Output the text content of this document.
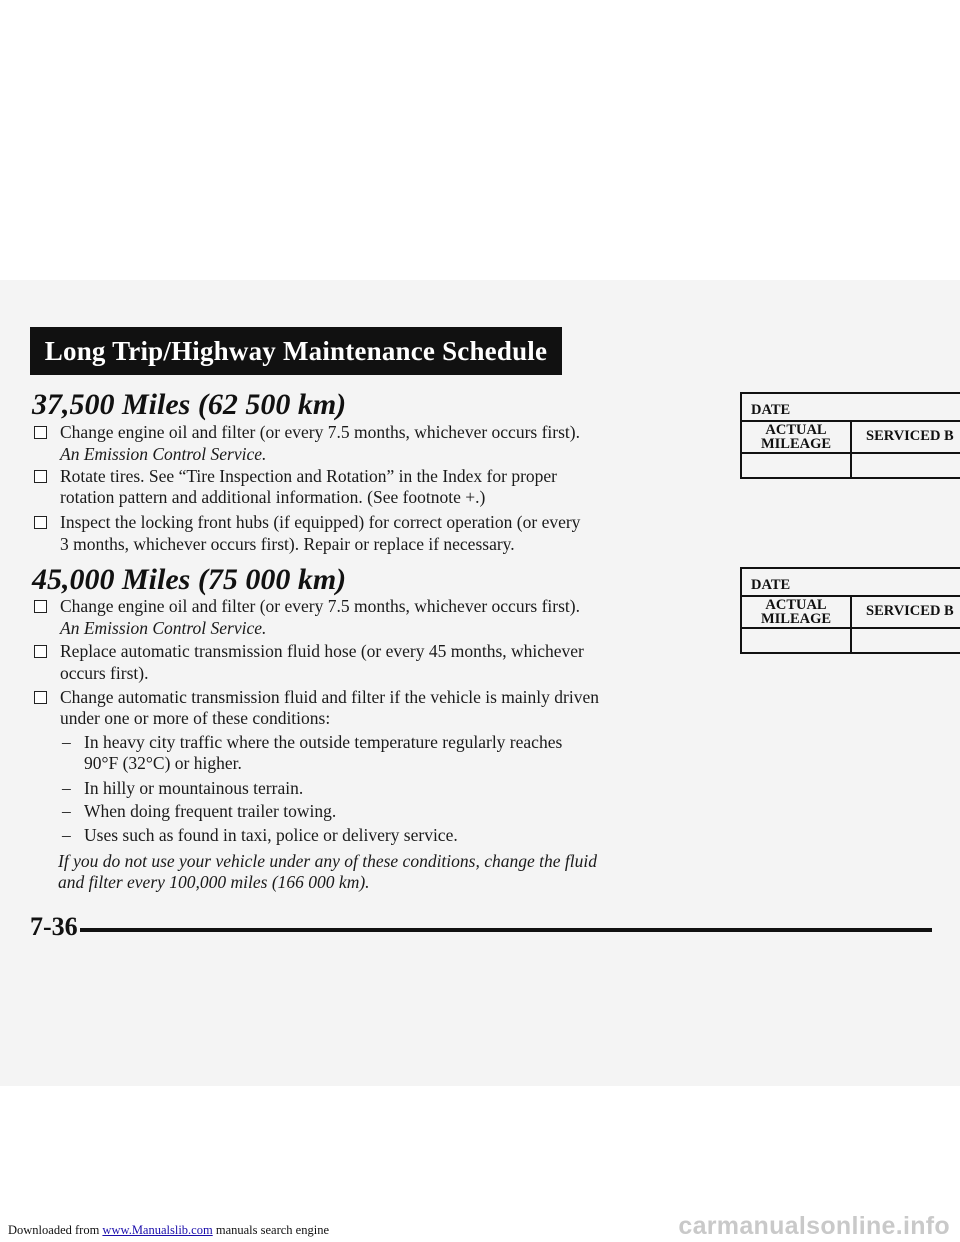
Long Trip/Highway Maintenance Schedule
37,500 Miles (62 500 km)
Change engine oil and filter (or every 7.5 months, whichever occurs first).
An Emission Control Service.
Rotate tires. See “Tire Inspection and Rotation” in the Index for proper
rotation pattern and additional information. (See footnote +.)
Inspect the locking front hubs (if equipped) for correct operation (or every
3 months, whichever occurs first). Repair or replace if necessary.
45,000 Miles (75 000 km)
Change engine oil and filter (or every 7.5 months, whichever occurs first).
An Emission Control Service.
Replace automatic transmission fluid hose (or every 45 months, whichever
occurs first).
Change automatic transmission fluid and filter if the vehicle is mainly driven
under one or more of these conditions:
– In heavy city traffic where the outside temperature regularly reaches
90°F (32°C) or higher.
– In hilly or mountainous terrain.
– When doing frequent trailer towing.
– Uses such as found in taxi, police or delivery service.
If you do not use your vehicle under any of these conditions, change the fluid
and filter every 100,000 miles (166 000 km).
DATE
ACTUAL
MILEAGE	SERVICED B
DATE
ACTUAL
MILEAGE	SERVICED B
7-36
Downloaded from www.Manualslib.com manuals search engine	carmanualsonline.info
